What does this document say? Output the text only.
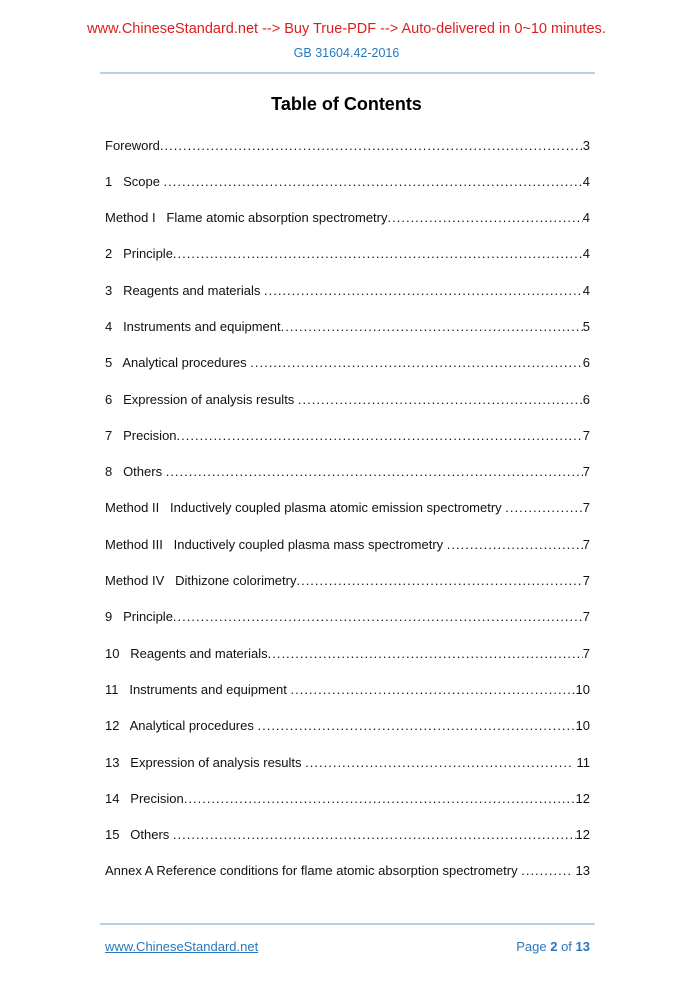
www.ChineseStandard.net --> Buy True-PDF --> Auto-delivered in 0~10 minutes.
GB 31604.42-2016
Table of Contents
Foreword .....	3
1   Scope .....	4
Method I   Flame atomic absorption spectrometry .....	4
2   Principle .....	4
3   Reagents and materials .....	4
4   Instruments and equipment .....	5
5   Analytical procedures .....	6
6   Expression of analysis results .....	6
7   Precision .....	7
8   Others .....	7
Method II   Inductively coupled plasma atomic emission spectrometry .....	7
Method III   Inductively coupled plasma mass spectrometry .....	7
Method IV   Dithizone colorimetry .....	7
9   Principle .....	7
10   Reagents and materials .....	7
11   Instruments and equipment .....	10
12   Analytical procedures .....	10
13   Expression of analysis results .....	11
14   Precision .....	12
15   Others .....	12
Annex A Reference conditions for flame atomic absorption spectrometry .....	13
www.ChineseStandard.net	Page 2 of 13
